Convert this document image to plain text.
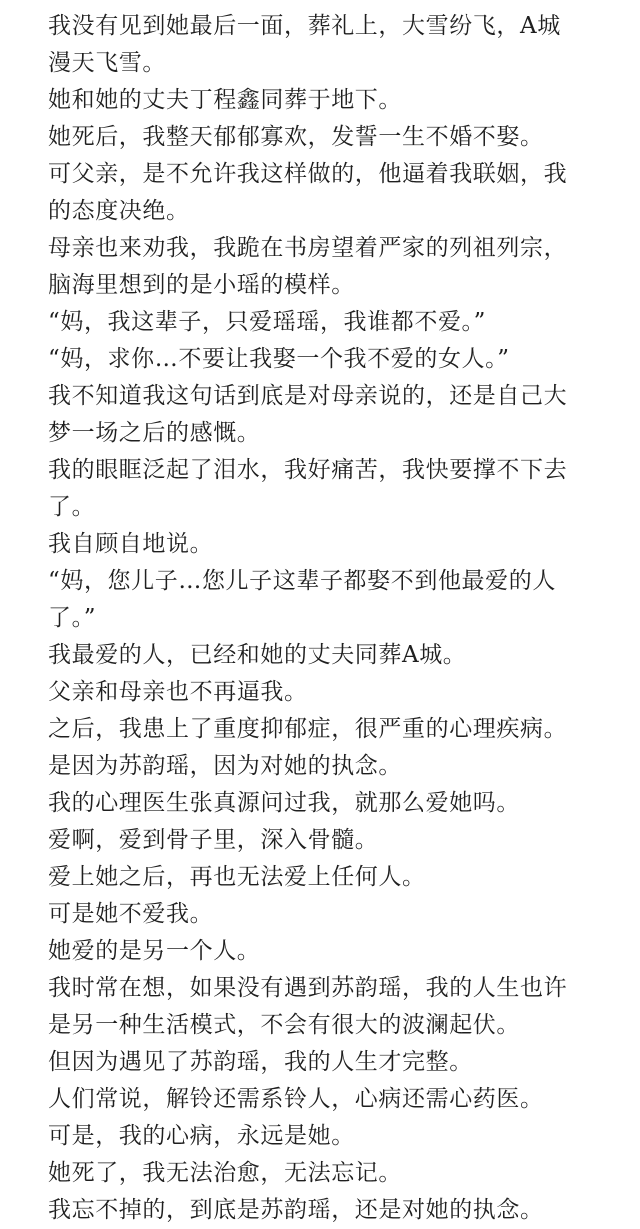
我没有见到她最后一面，葬礼上，大雪纷飞，A城
漫天飞雪。
她和她的丈夫丁程鑫同葬于地下。
她死后，我整天郁郁寡欢，发誓一生不婚不娶。
可父亲，是不允许我这样做的，他逼着我联姻，我
的态度决绝。
母亲也来劝我，我跪在书房望着严家的列祖列宗，
脑海里想到的是小瑶的模样。
“妈，我这辈子，只爱瑶瑶，我谁都不爱。”
“妈，求你…不要让我娶一个我不爱的女人。”
我不知道我这句话到底是对母亲说的，还是自己大
梦一场之后的感慨。
我的眼眶泛起了泪水，我好痛苦，我快要撑不下去
了。
我自顾自地说。
“妈，您儿子…您儿子这辈子都娶不到他最爱的人
了。”
我最爱的人，已经和她的丈夫同葬A城。
父亲和母亲也不再逼我。
之后，我患上了重度抑郁症，很严重的心理疾病。
是因为苏韵瑶，因为对她的执念。
我的心理医生张真源问过我，就那么爱她吗。
爱啊，爱到骨子里，深入骨髓。
爱上她之后，再也无法爱上任何人。
可是她不爱我。
她爱的是另一个人。
我时常在想，如果没有遇到苏韵瑶，我的人生也许
是另一种生活模式，不会有很大的波澜起伏。
但因为遇见了苏韵瑶，我的人生才完整。
人们常说，解铃还需系铃人，心病还需心药医。
可是，我的心病，永远是她。
她死了，我无法治愈，无法忘记。
我忘不掉的，到底是苏韵瑶，还是对她的执念。
